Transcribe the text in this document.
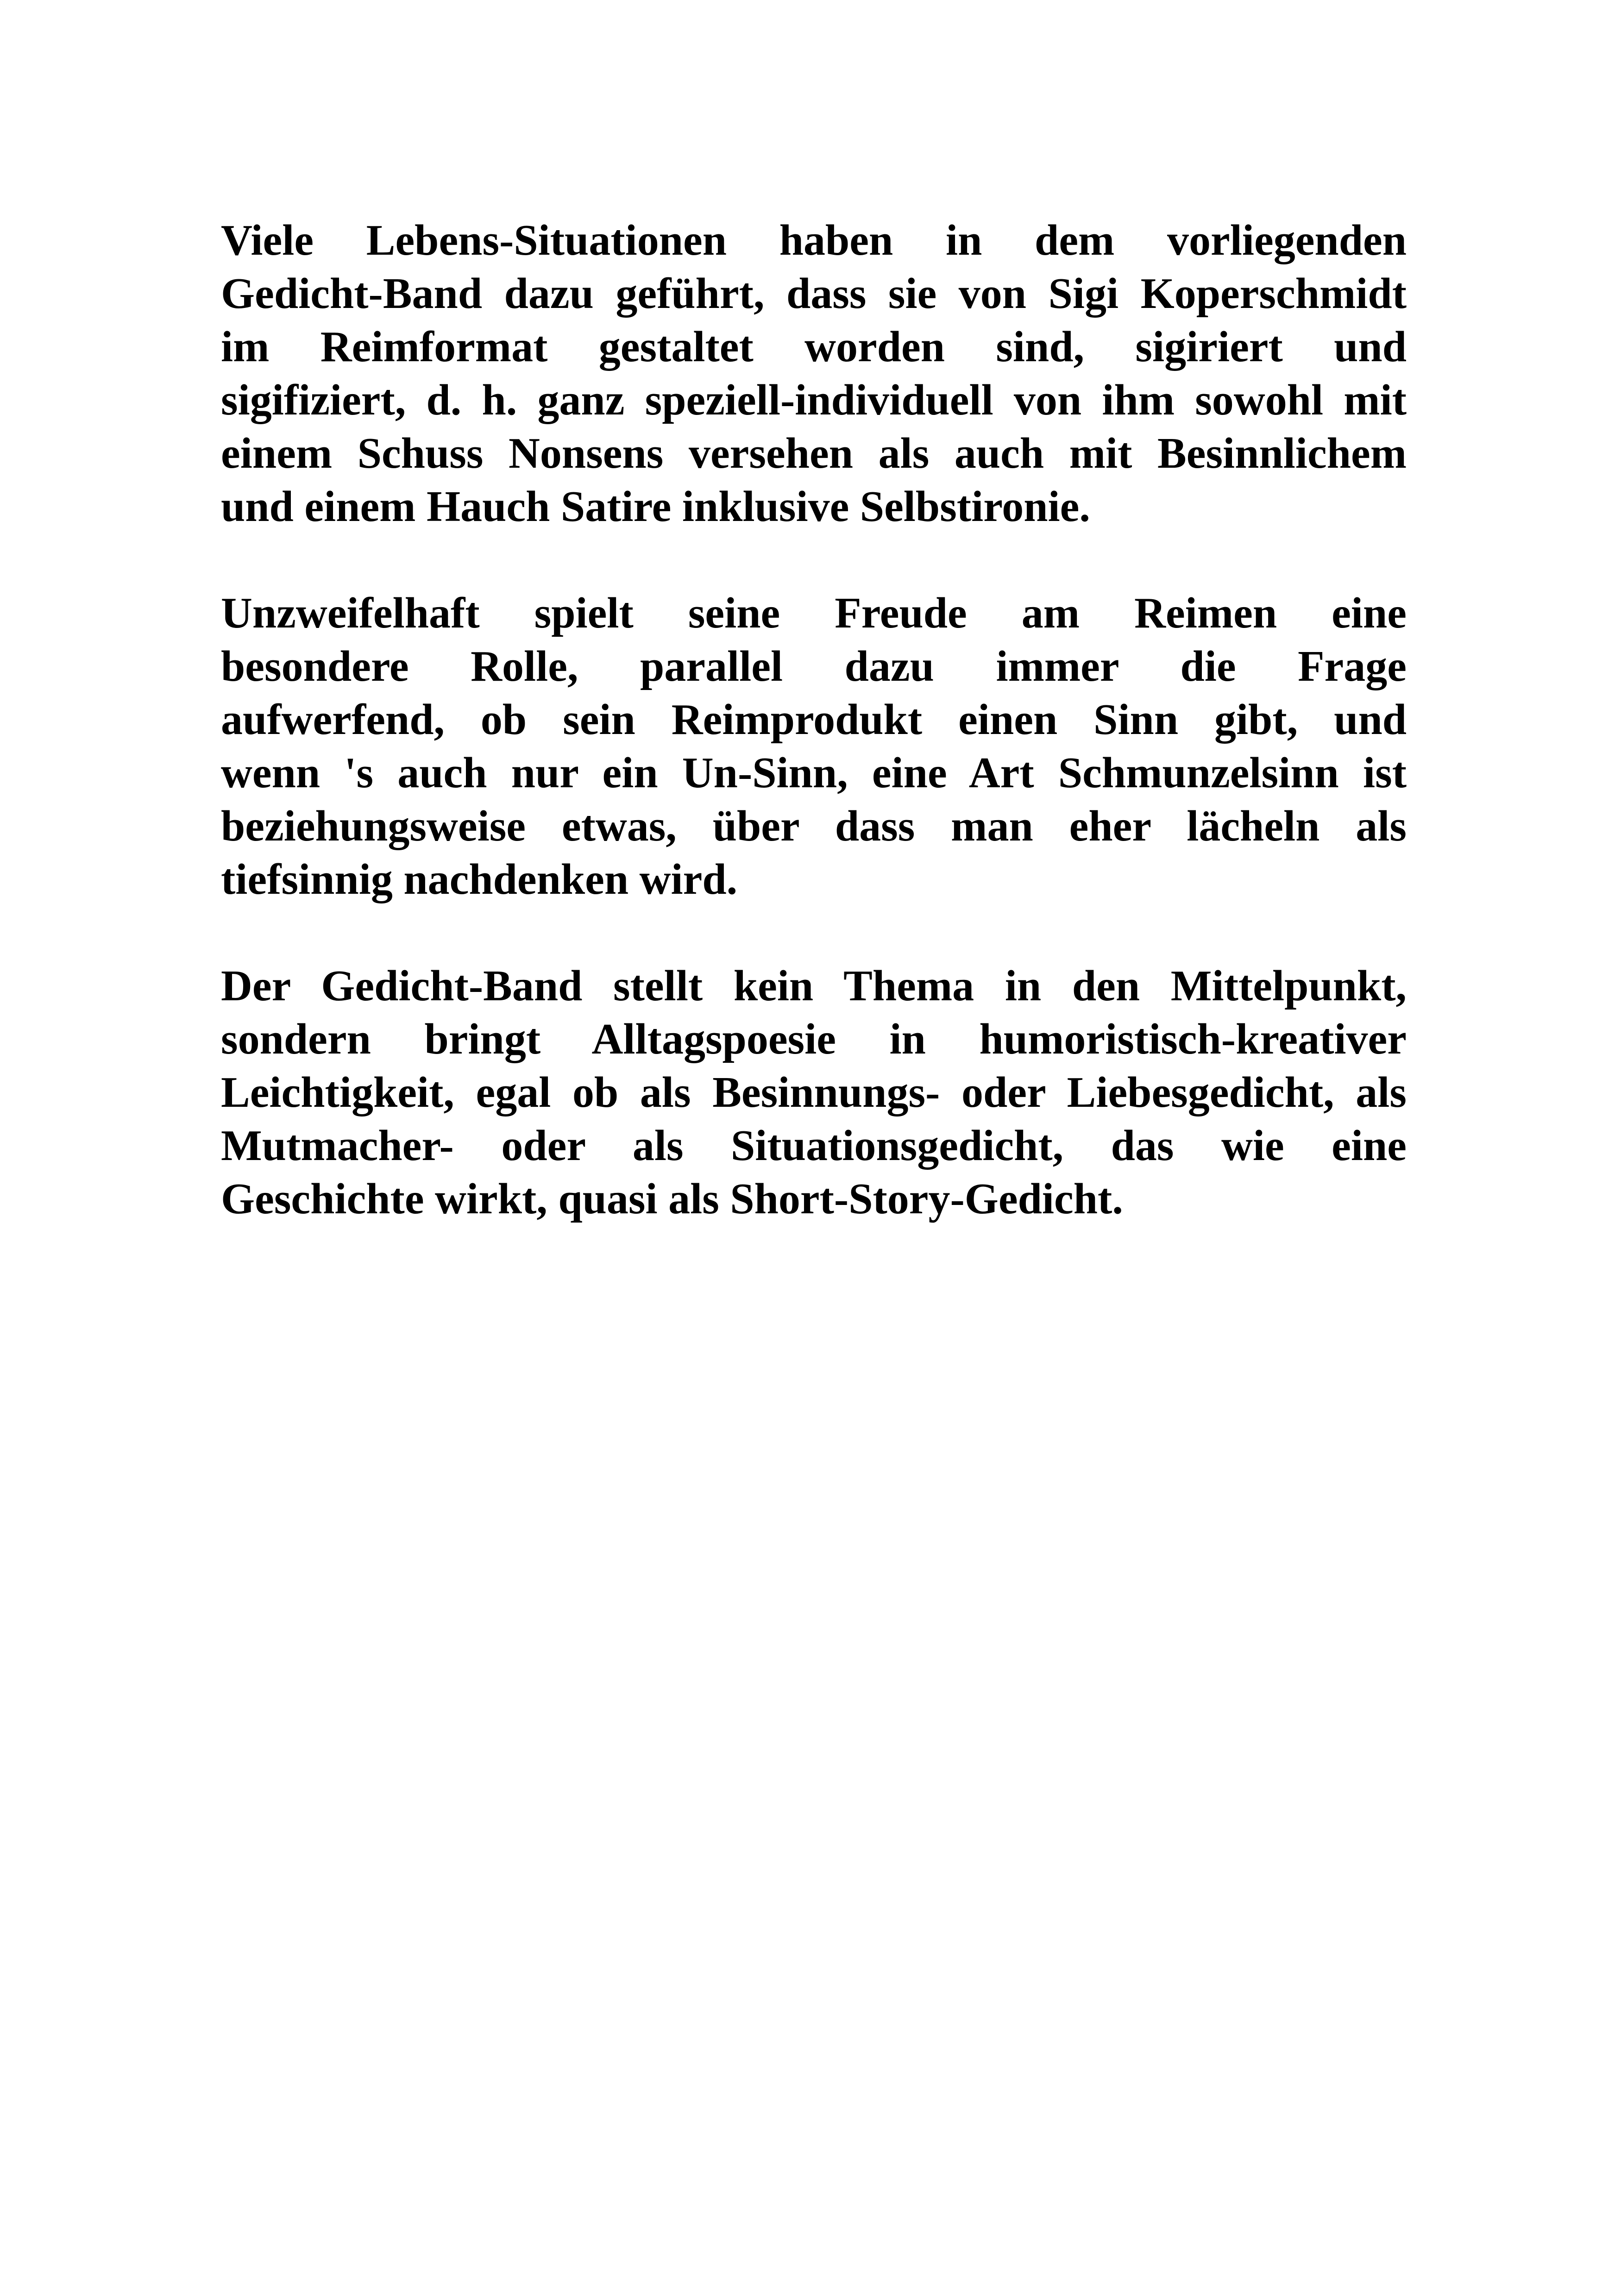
Viele Lebens-Situationen haben in dem vorliegenden
Gedicht-Band dazu geführt, dass sie von Sigi Koperschmidt
im Reimformat gestaltet worden sind, sigiriert und
sigifiziert, d. h. ganz speziell-individuell von ihm sowohl mit
einem Schuss Nonsens versehen als auch mit Besinnlichem
und einem Hauch Satire inklusive Selbstironie.

Unzweifelhaft spielt seine Freude am Reimen eine
besondere Rolle, parallel dazu immer die Frage
aufwerfend, ob sein Reimprodukt einen Sinn gibt, und
wenn 's auch nur ein Un-Sinn, eine Art Schmunzelsinn ist
beziehungsweise etwas, über dass man eher lächeln als
tiefsinnig nachdenken wird.

Der Gedicht-Band stellt kein Thema in den Mittelpunkt,
sondern bringt Alltagspoesie in humoristisch-kreativer
Leichtigkeit, egal ob als Besinnungs- oder Liebesgedicht, als
Mutmacher- oder als Situationsgedicht, das wie eine
Geschichte wirkt, quasi als Short-Story-Gedicht.
